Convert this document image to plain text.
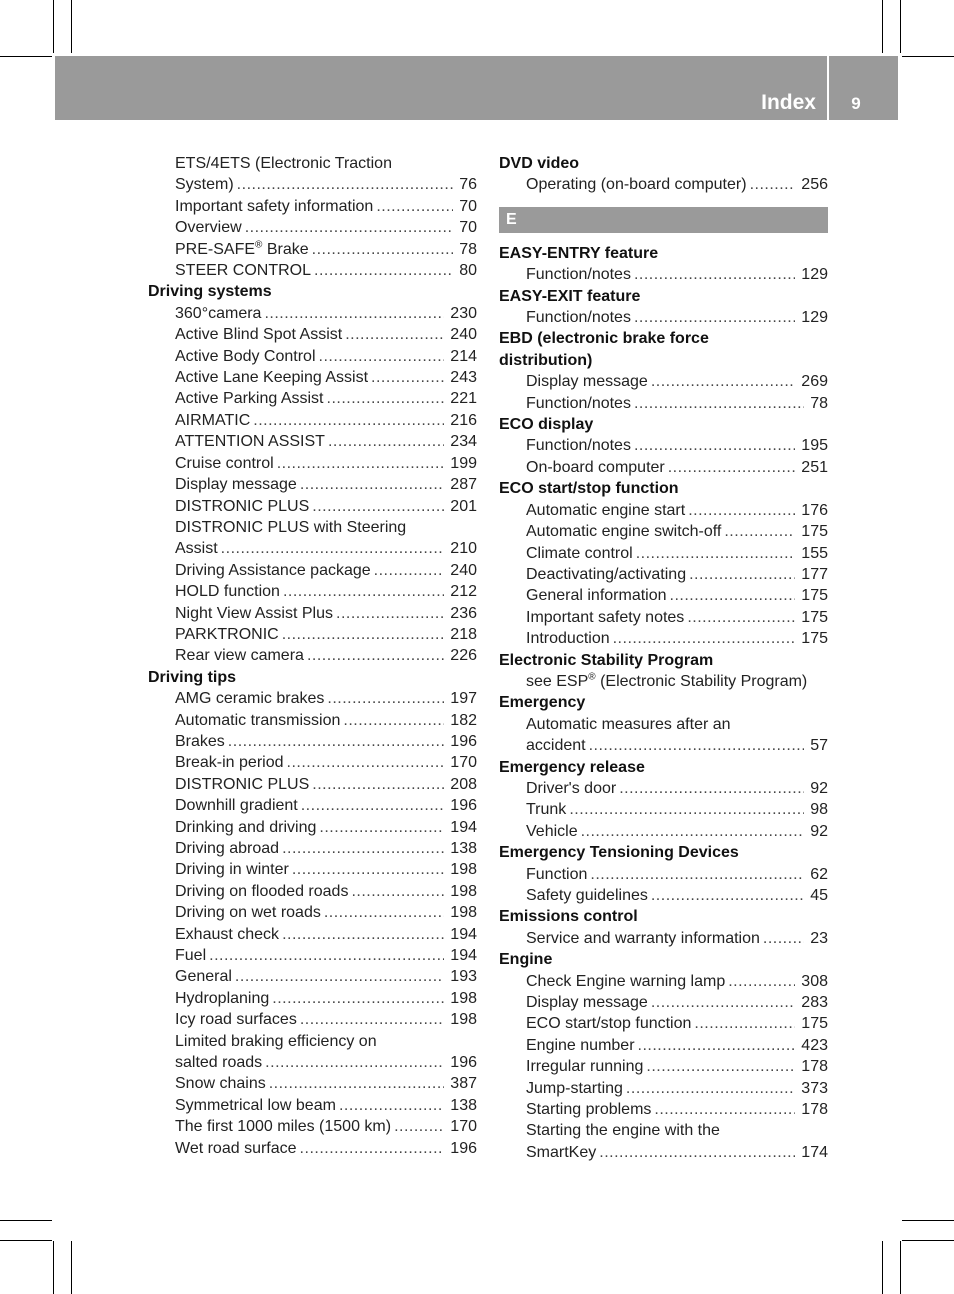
Index	9
ETS/4ETS (Electronic Traction
System) .....	76
Important safety information .....	70
Overview .....	70
PRE-SAFE® Brake .....	78
STEER CONTROL .....	80
Driving systems
360°camera .....	230
Active Blind Spot Assist .....	240
Active Body Control .....	214
Active Lane Keeping Assist .....	243
Active Parking Assist .....	221
AIRMATIC .....	216
ATTENTION ASSIST .....	234
Cruise control .....	199
Display message .....	287
DISTRONIC PLUS .....	201
DISTRONIC PLUS with Steering
Assist .....	210
Driving Assistance package .....	240
HOLD function .....	212
Night View Assist Plus .....	236
PARKTRONIC .....	218
Rear view camera .....	226
Driving tips
AMG ceramic brakes .....	197
Automatic transmission .....	182
Brakes .....	196
Break-in period .....	170
DISTRONIC PLUS .....	208
Downhill gradient .....	196
Drinking and driving .....	194
Driving abroad .....	138
Driving in winter .....	198
Driving on flooded roads .....	198
Driving on wet roads .....	198
Exhaust check .....	194
Fuel .....	194
General .....	193
Hydroplaning .....	198
Icy road surfaces .....	198
Limited braking efficiency on
salted roads .....	196
Snow chains .....	387
Symmetrical low beam .....	138
The first 1000 miles (1500 km) .....	170
Wet road surface .....	196
DVD video
Operating (on-board computer) .....	256
E
EASY-ENTRY feature
Function/notes .....	129
EASY-EXIT feature
Function/notes .....	129
EBD (electronic brake force
distribution)
Display message .....	269
Function/notes .....	78
ECO display
Function/notes .....	195
On-board computer .....	251
ECO start/stop function
Automatic engine start .....	176
Automatic engine switch-off .....	175
Climate control .....	155
Deactivating/activating .....	177
General information .....	175
Important safety notes .....	175
Introduction .....	175
Electronic Stability Program
see ESP® (Electronic Stability Program)
Emergency
Automatic measures after an
accident .....	57
Emergency release
Driver's door .....	92
Trunk .....	98
Vehicle .....	92
Emergency Tensioning Devices
Function .....	62
Safety guidelines .....	45
Emissions control
Service and warranty information .....	23
Engine
Check Engine warning lamp .....	308
Display message .....	283
ECO start/stop function .....	175
Engine number .....	423
Irregular running .....	178
Jump-starting .....	373
Starting problems .....	178
Starting the engine with the
SmartKey .....	174
